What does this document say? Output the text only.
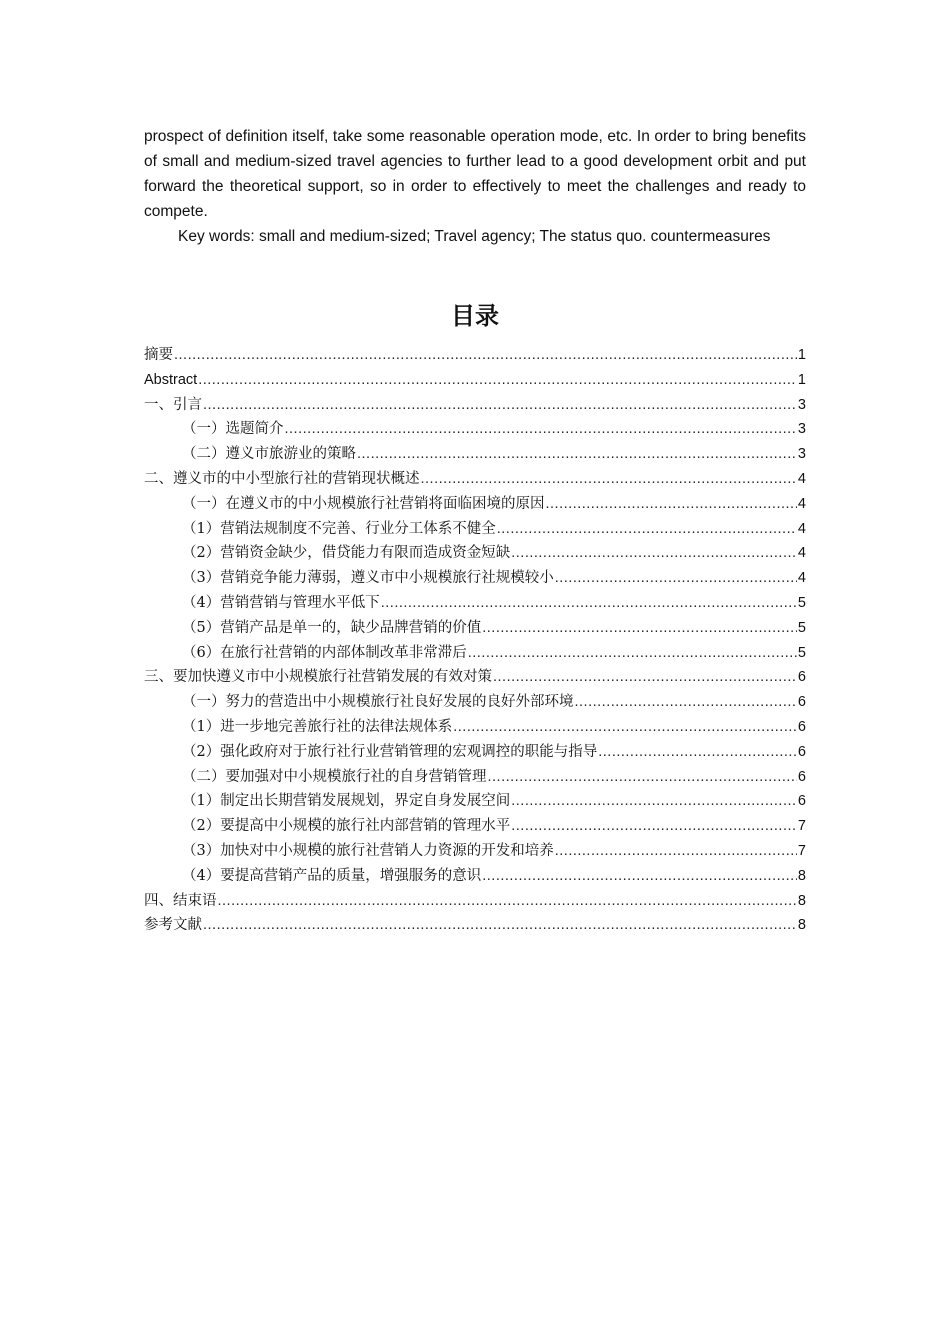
prospect of definition itself, take some reasonable operation mode, etc. In order to bring benefits of small and medium-sized travel agencies to further lead to a good development orbit and put forward the theoretical support, so in order to effectively to meet the challenges and ready to compete.

Key words: small and medium-sized; Travel agency; The status quo. countermeasures

目录
摘要 .....	1
Abstract .....	1
一、引言 .....	3
（一）选题简介 .....	3
（二）遵义市旅游业的策略 .....	3
二、遵义市的中小型旅行社的营销现状概述 .....	4
（一）在遵义市的中小规模旅行社营销将面临困境的原因 .....	4
（1）营销法规制度不完善、行业分工体系不健全 .....	4
（2）营销资金缺少，借贷能力有限而造成资金短缺 .....	4
（3）营销竞争能力薄弱，遵义市中小规模旅行社规模较小 .....	4
（4）营销营销与管理水平低下 .....	5
（5）营销产品是单一的，缺少品牌营销的价值 .....	5
（6）在旅行社营销的内部体制改革非常滞后 .....	5
三、要加快遵义市中小规模旅行社营销发展的有效对策 .....	6
（一）努力的营造出中小规模旅行社良好发展的良好外部环境 .....	6
（1）进一步地完善旅行社的法律法规体系 .....	6
（2）强化政府对于旅行社行业营销管理的宏观调控的职能与指导 .....	6
（二）要加强对中小规模旅行社的自身营销管理 .....	6
（1）制定出长期营销发展规划，界定自身发展空间 .....	6
（2）要提高中小规模的旅行社内部营销的管理水平 .....	7
（3）加快对中小规模的旅行社营销人力资源的开发和培养 .....	7
（4）要提高营销产品的质量，增强服务的意识 .....	8
四、结束语 .....	8
参考文献 .....	8
